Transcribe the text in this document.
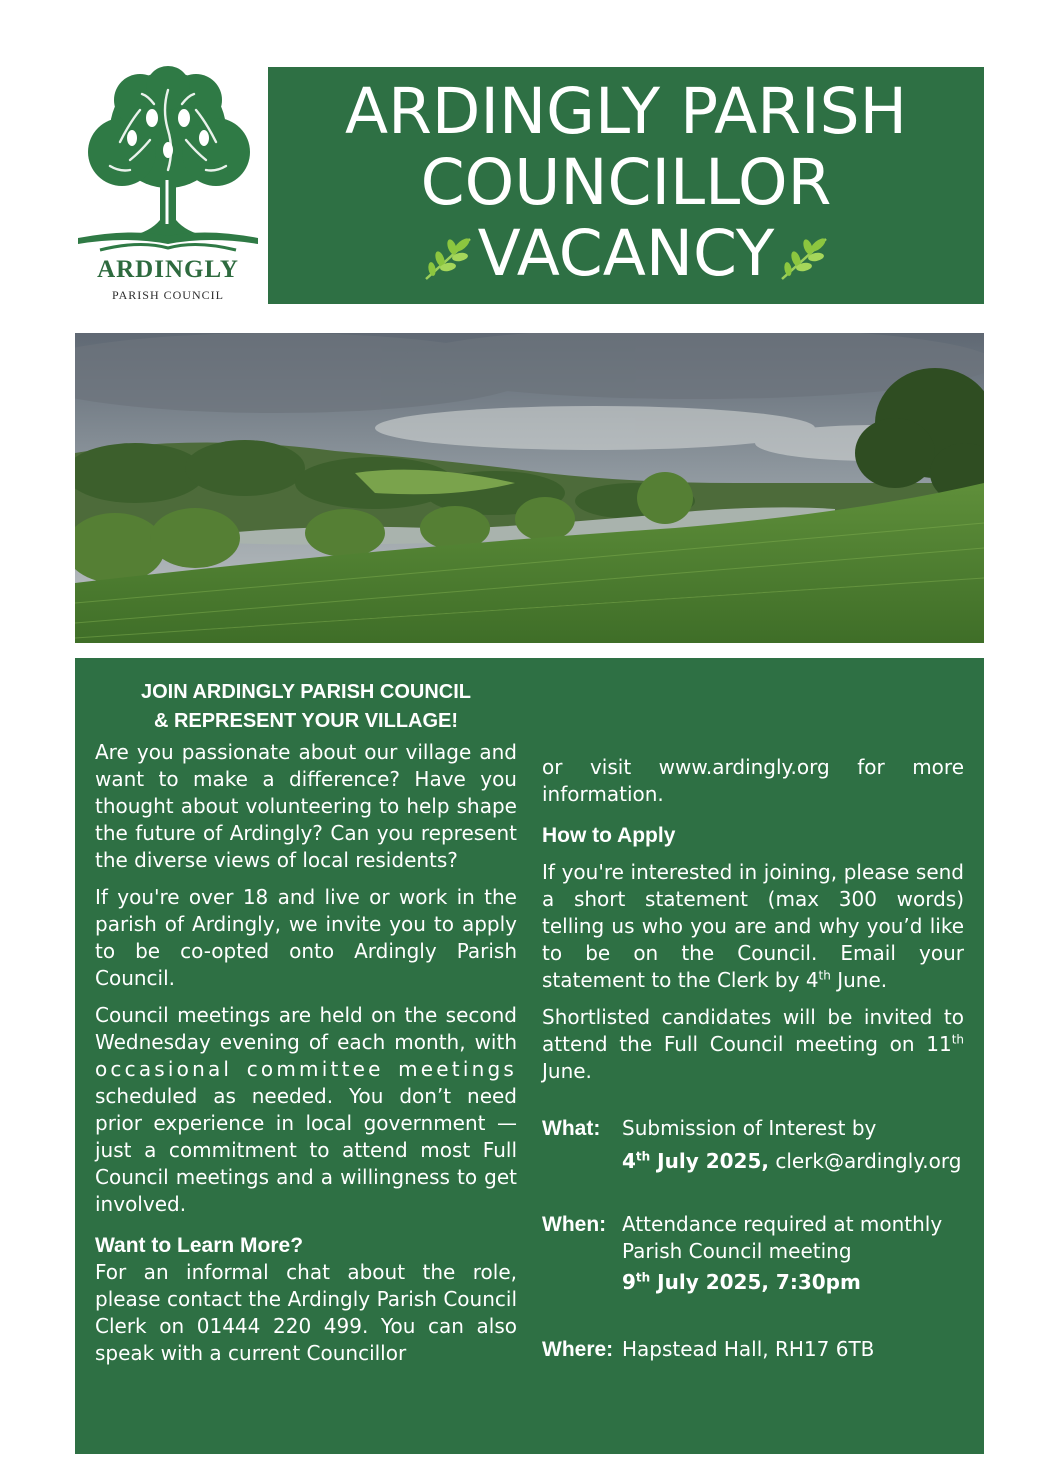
ARDINGLY
PARISH COUNCIL
ARDINGLY PARISH
COUNCILLOR
VACANCY
JOIN ARDINGLY PARISH COUNCIL
& REPRESENT YOUR VILLAGE!

Are you passionate about our village and want to make a difference? Have you thought about volunteering to help shape the future of Ardingly? Can you represent the diverse views of local residents?

If you're over 18 and live or work in the parish of Ardingly, we invite you to apply to be co-opted onto Ardingly Parish Council.

Council meetings are held on the second Wednesday evening of each month, with occasional committee meetings scheduled as needed. You don’t need prior experience in local government — just a commitment to attend most Full Council meetings and a willingness to get involved.

Want to Learn More?

For an informal chat about the role, please contact the Ardingly Parish Council Clerk on 01444 220 499. You can also speak with a current Councillor

or visit www.ardingly.org for more information.

How to Apply

If you're interested in joining, please send a short statement (max 300 words) telling us who you are and why you’d like to be on the Council. Email your statement to the Clerk by 4th June.

Shortlisted candidates will be invited to attend the Full Council meeting on 11th June.

What: Submission of Interest by
4th July 2025, clerk@ardingly.org
When: Attendance required at monthly Parish Council meeting
9th July 2025, 7:30pm
Where: Hapstead Hall, RH17 6TB
